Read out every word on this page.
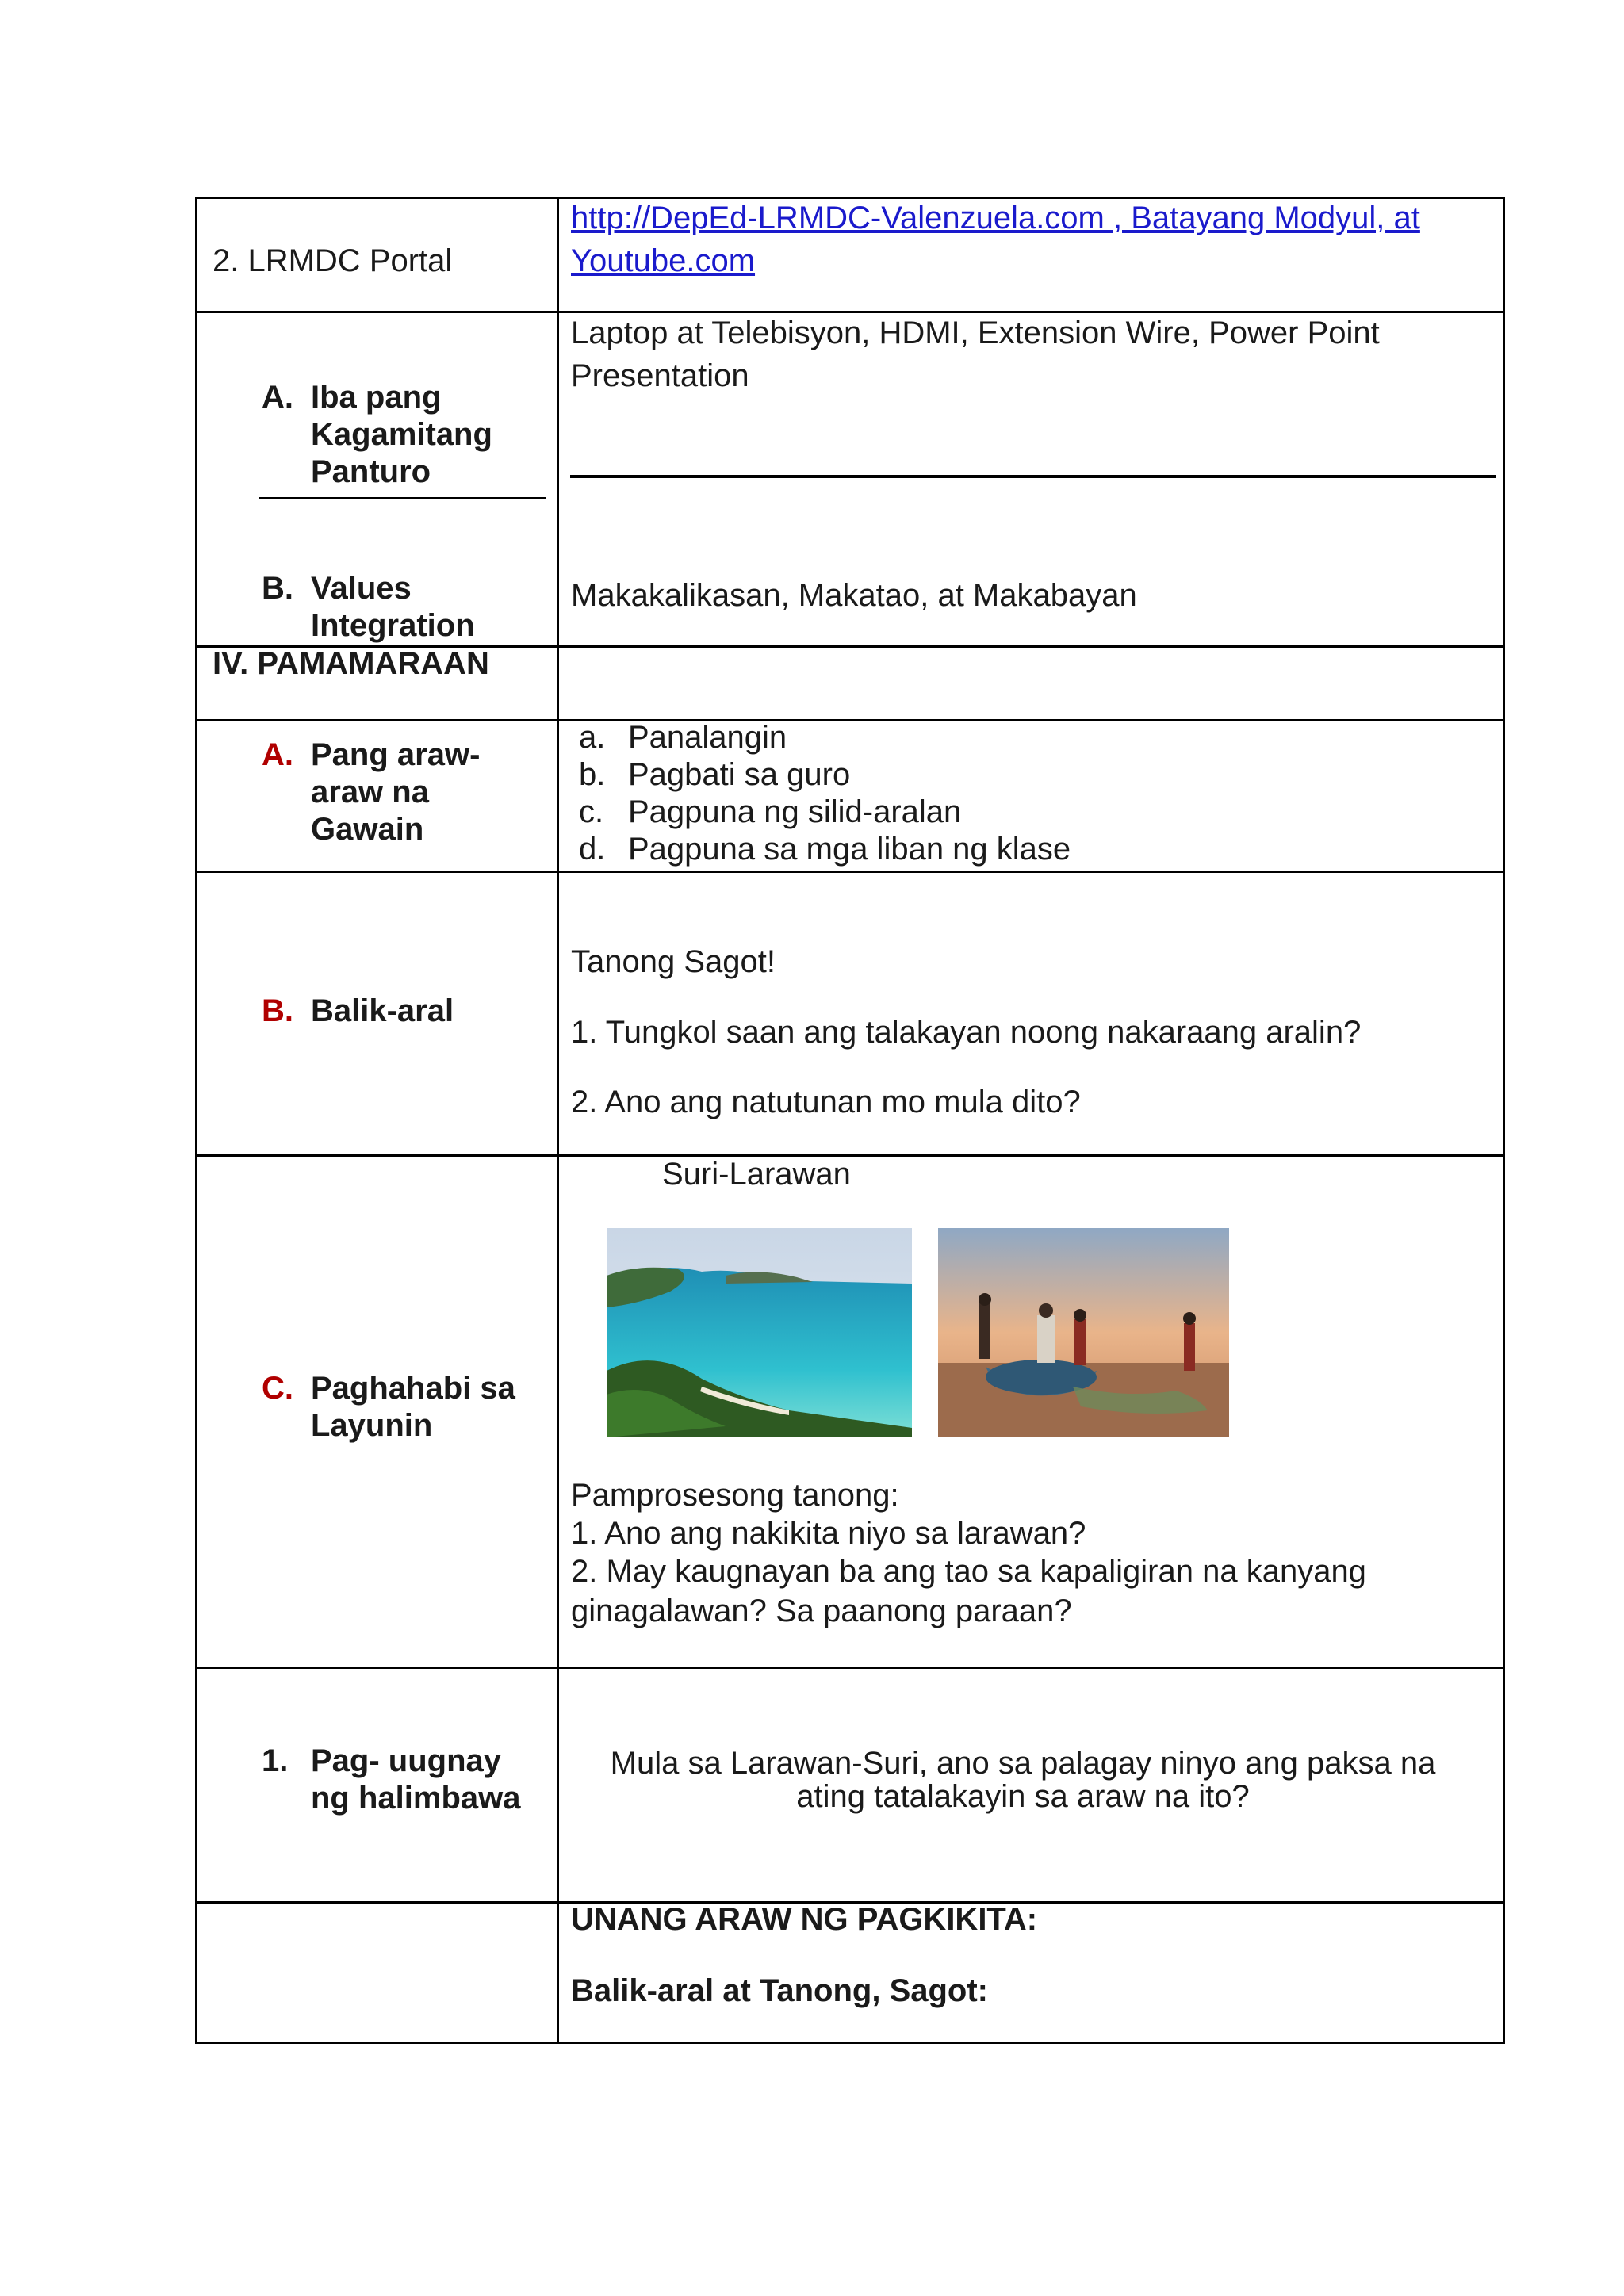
2. LRMDC Portal
http://DepEd-LRMDC-Valenzuela.com , Batayang Modyul, at
Youtube.com
A. Iba pang Kagamitang Panturo
Laptop at Telebisyon, HDMI, Extension Wire, Power Point
Presentation
B. Values Integration
Makakalikasan, Makatao, at Makabayan
IV. PAMAMARAAN
A. Pang araw-araw na Gawain
a. Panalangin
b. Pagbati sa guro
c. Pagpuna ng silid-aralan
d. Pagpuna sa mga liban ng klase
B. Balik-aral
Tanong Sagot!
1. Tungkol saan ang talakayan noong nakaraang aralin?
2. Ano ang natutunan mo mula dito?
C. Paghahabi sa Layunin
Suri-Larawan
Pamprosesong tanong:
1. Ano ang nakikita niyo sa larawan?
2. May kaugnayan ba ang tao sa kapaligiran na kanyang
ginagalawan? Sa paanong paraan?
1. Pag- uugnay ng halimbawa
Mula sa Larawan-Suri, ano sa palagay ninyo ang paksa na
ating tatalakayin sa araw na ito?
UNANG ARAW NG PAGKIKITA:
Balik-aral at Tanong, Sagot:
